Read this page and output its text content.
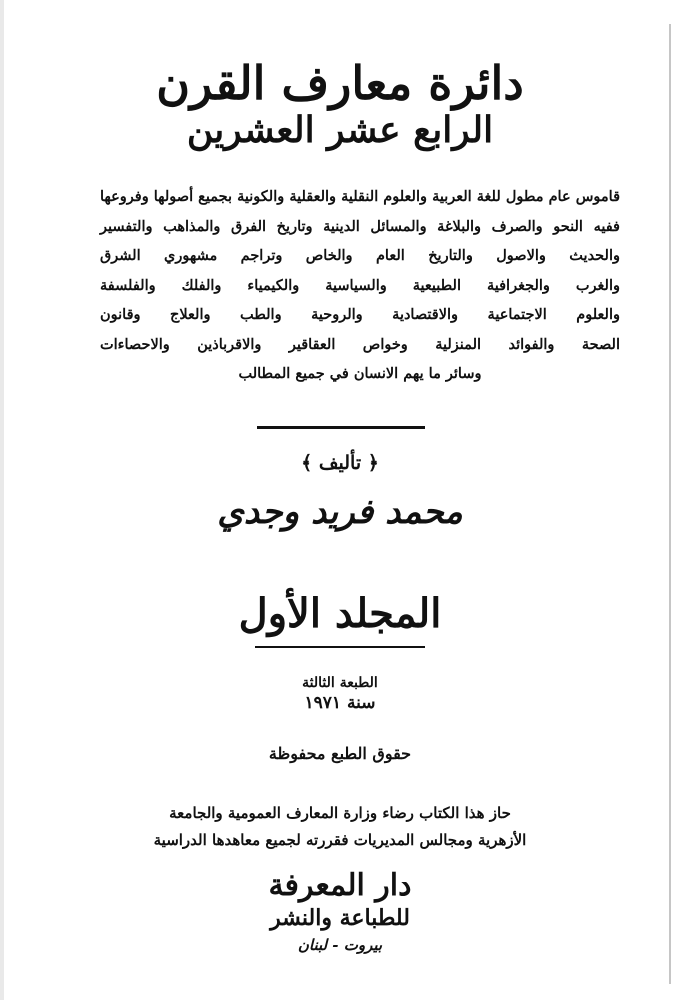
دائرة معارف القرن
الرابع عشر العشرين
قاموس عام مطول للغة العربية والعلوم النقلية والعقلية والكونية بجميع أصولها وفروعها
ففيه النحو والصرف والبلاغة والمسائل الدينية وتاريخ الفرق والمذاهب والتفسير
والحديث والاصول والتاريخ العام والخاص وتراجم مشهوري الشرق
والغرب والجغرافية الطبيعية والسياسية والكيمياء والفلك والفلسفة
والعلوم الاجتماعية والاقتصادية والروحية والطب والعلاج وقانون
الصحة والفوائد المنزلية وخواص العقاقير والاقرباذين والاحصاءات
وسائر ما يهم الانسان في جميع المطالب
﴿ تأليف ﴾
محمد فريد وجدي
المجلد الأول
الطبعة الثالثة
سنة ١٩٧١
حقوق الطبع محفوظة
حاز هذا الكتاب رضاء وزارة المعارف العمومية والجامعة
الأزهرية ومجالس المديريات فقررته لجميع معاهدها الدراسية
دار المعرفة
للطباعة والنشر
بيروت - لبنان
